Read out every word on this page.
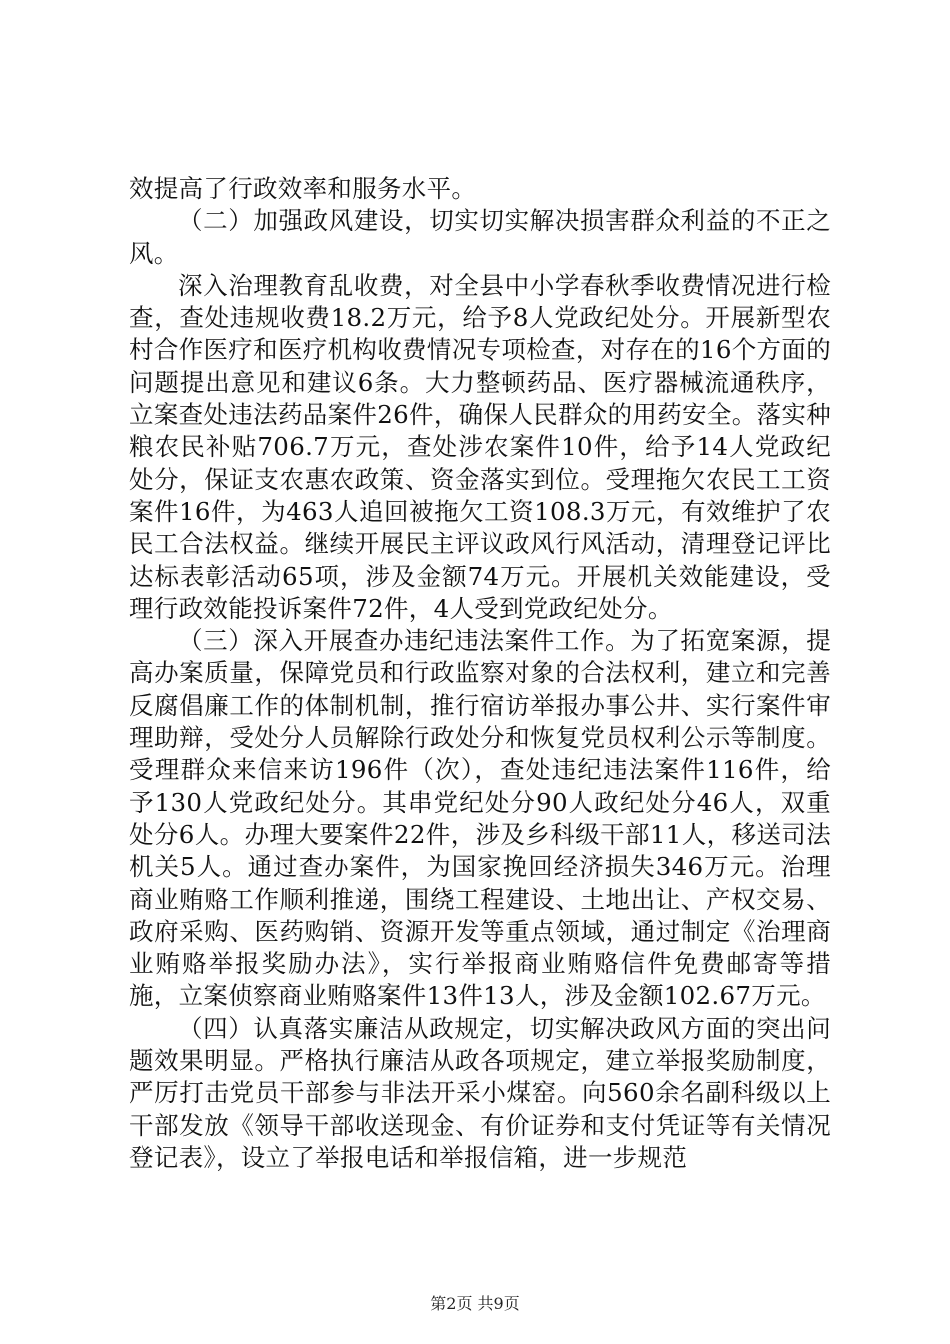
效提高了行政效率和服务水平。

（二）加强政风建设，切实切实解决损害群众利益的不正之风。

深入治理教育乱收费，对全县中小学春秋季收费情况进行检查，查处违规收费18.2万元，给予8人党政纪处分。开展新型农村合作医疗和医疗机构收费情况专项检查，对存在的16个方面的问题提出意见和建议6条。大力整顿药品、医疗器械流通秩序，立案查处违法药品案件26件，确保人民群众的用药安全。落实种粮农民补贴706.7万元，查处涉农案件10件，给予14人党政纪处分，保证支农惠农政策、资金落实到位。受理拖欠农民工工资案件16件，为463人追回被拖欠工资108.3万元，有效维护了农民工合法权益。继续开展民主评议政风行风活动，清理登记评比达标表彰活动65项，涉及金额74万元。开展机关效能建设，受理行政效能投诉案件72件，4人受到党政纪处分。

（三）深入开展查办违纪违法案件工作。为了拓宽案源，提高办案质量，保障党员和行政监察对象的合法权利，建立和完善反腐倡廉工作的体制机制，推行宿访举报办事公井、实行案件审理助辩，受处分人员解除行政处分和恢复党员权利公示等制度。受理群众来信来访196件（次），查处违纪违法案件116件，给予130人党政纪处分。其串党纪处分90人政纪处分46人，双重处分6人。办理大要案件22件，涉及乡科级干部11人，移送司法机关5人。通过查办案件，为国家挽回经济损失346万元。治理商业贿赂工作顺利推递，围绕工程建设、土地出让、产权交易、政府采购、医药购销、资源开发等重点领域，通过制定《治理商业贿赂举报奖励办法》，实行举报商业贿赂信件免费邮寄等措施，立案侦察商业贿赂案件13件13人，涉及金额102.67万元。

（四）认真落实廉洁从政规定，切实解决政风方面的突出问题效果明显。严格执行廉洁从政各项规定，建立举报奖励制度，严厉打击党员干部参与非法开采小煤窑。向560余名副科级以上干部发放《领导干部收送现金、有价证券和支付凭证等有关情况登记表》，设立了举报电话和举报信箱，进一步规范

第2页 共9页
